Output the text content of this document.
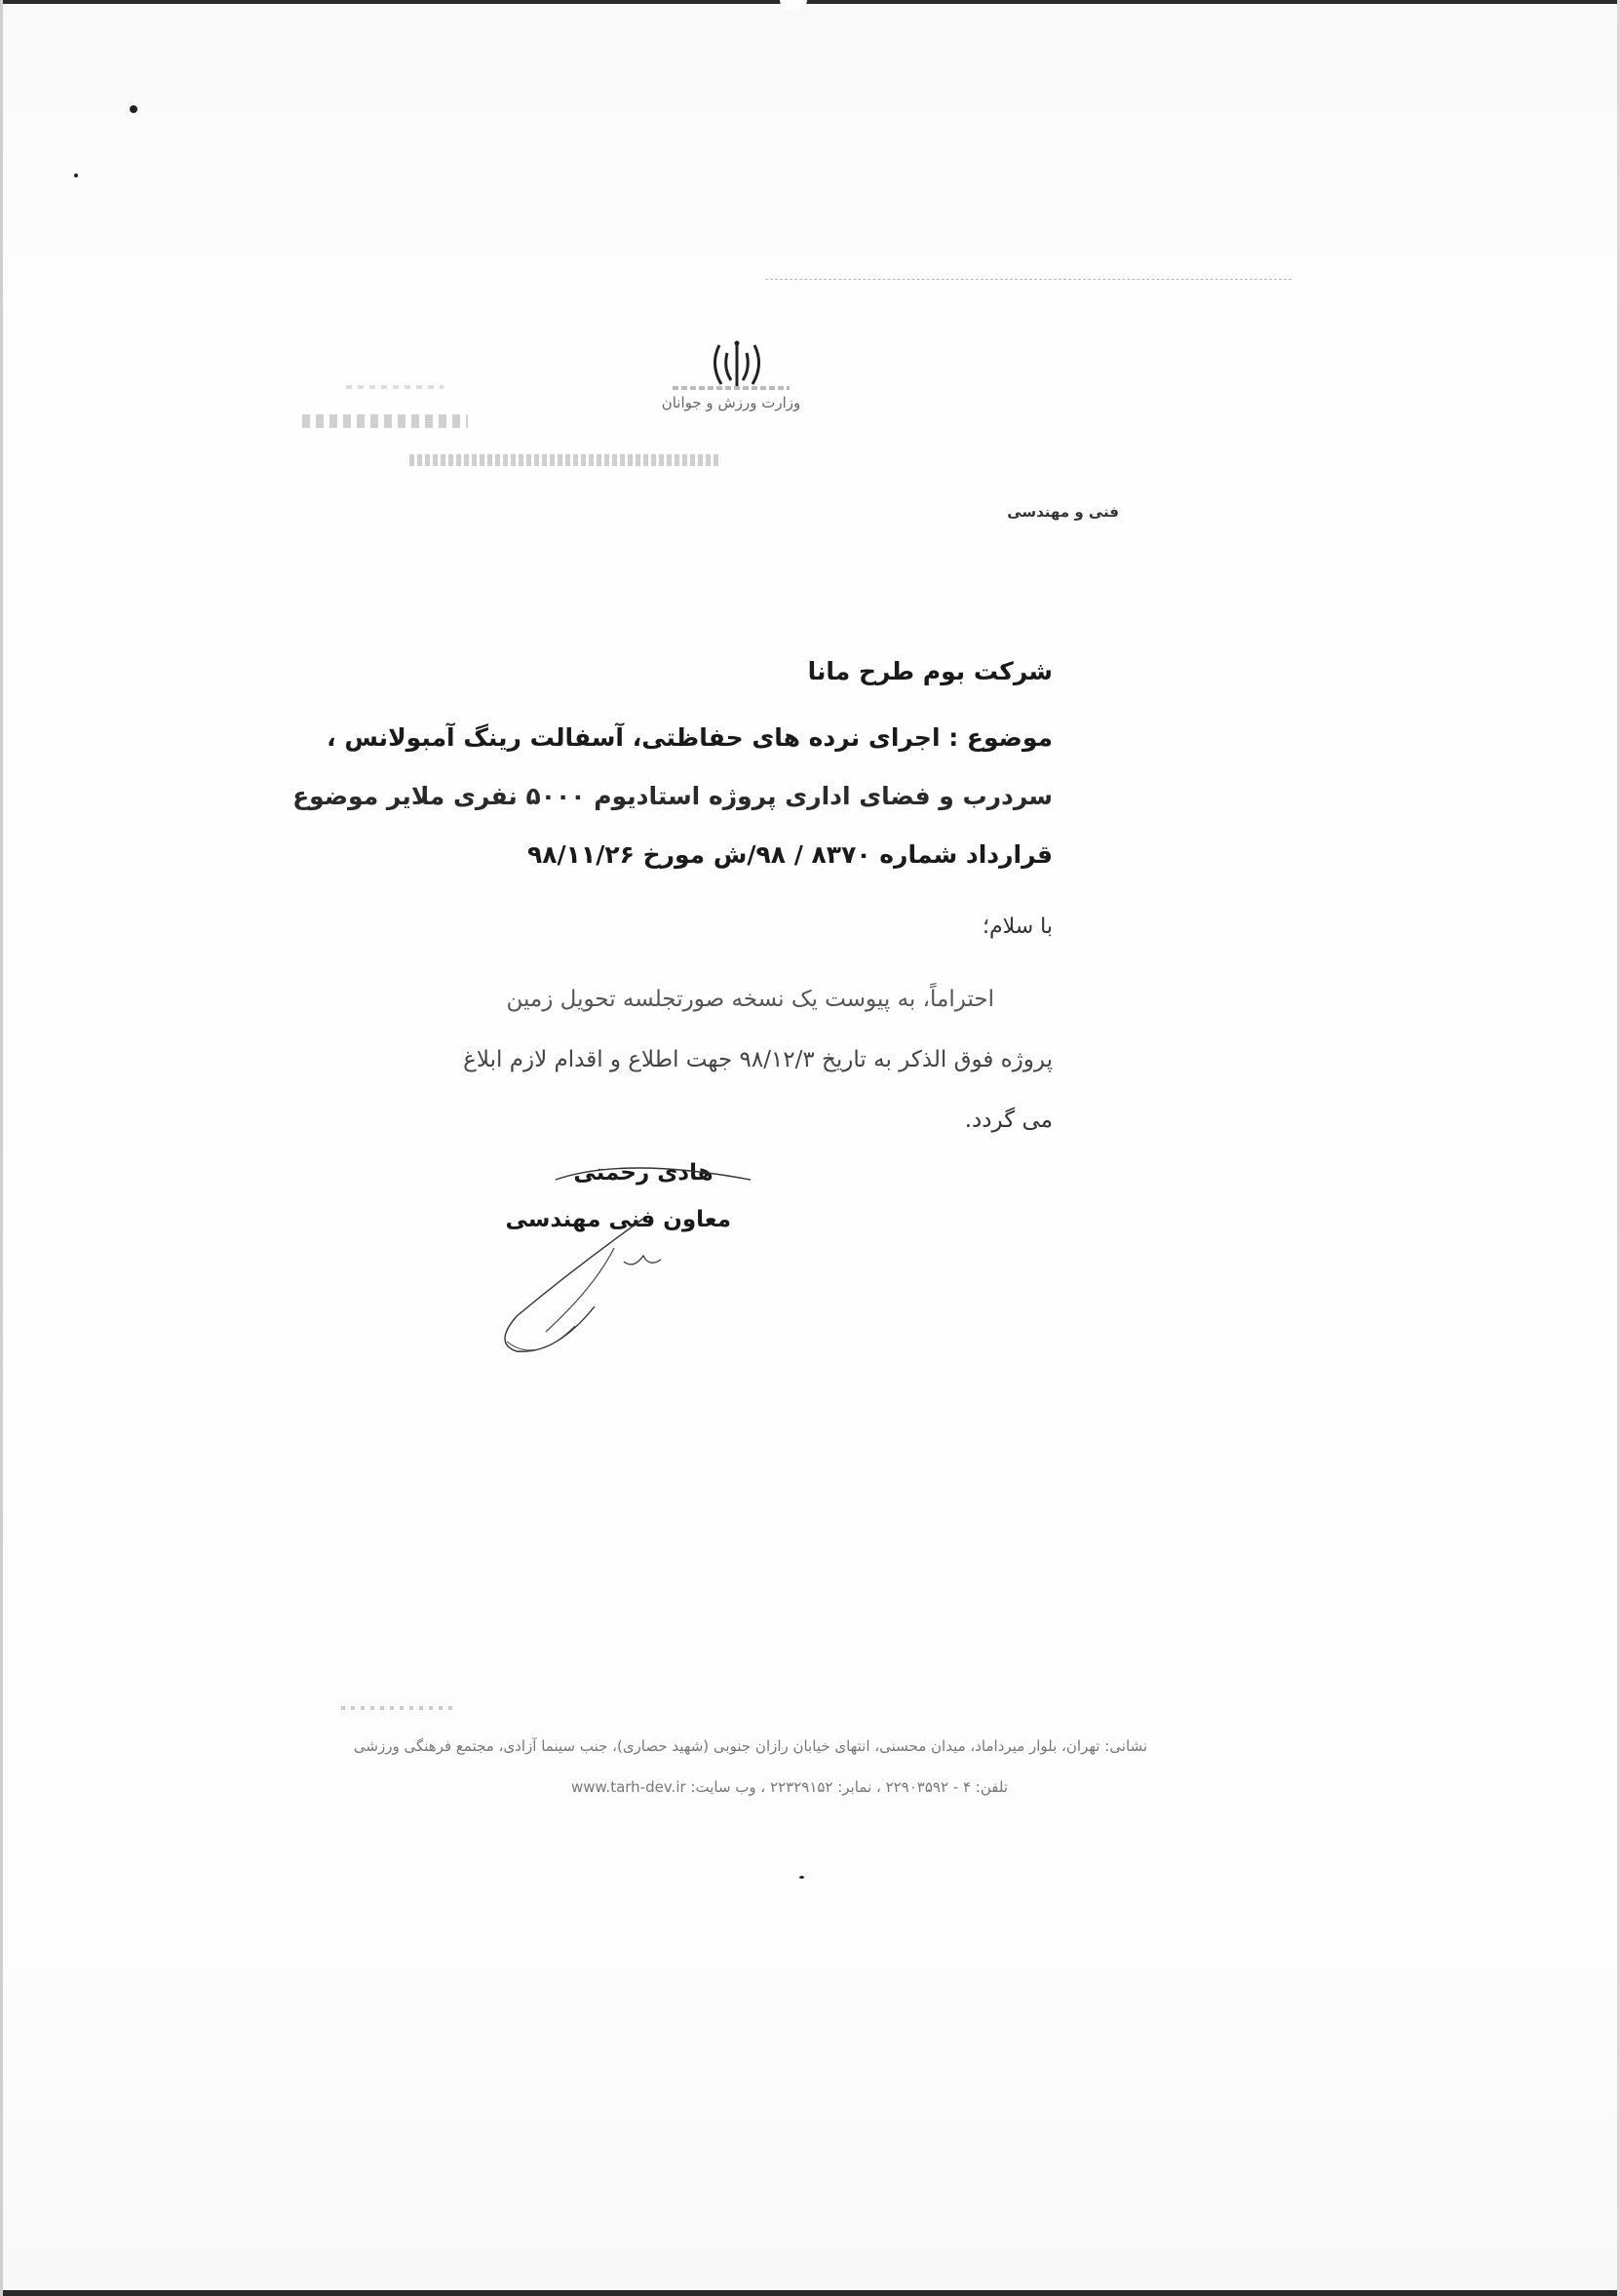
وزارت ورزش و جوانان
فنی و مهندسی
شرکت بوم طرح مانا
موضوع : اجرای نرده های حفاظتی، آسفالت رینگ آمبولانس ،
سردرب و فضای اداری پروژه استادیوم ۵۰۰۰ نفری ملایر موضوع
قرارداد شماره ۸۳۷۰ / ۹۸/ش مورخ ۹۸/۱۱/۲۶
با سلام؛
احتراماً، به پیوست یک نسخه صورتجلسه تحویل زمین
پروژه فوق الذکر به تاریخ ۹۸/۱۲/۳ جهت اطلاع و اقدام لازم ابلاغ
می گردد.
هادی رحمتی
معاون فنی مهندسی
نشانی: تهران، بلوار میرداماد، میدان محسنی، انتهای خیابان رازان جنوبی (شهید حصاری)، جنب سینما آزادی، مجتمع فرهنگی ورزشی
تلفن: ۴ - ۲۲۹۰۳۵۹۲ ، نمابر: ۲۲۳۲۹۱۵۲ ، وب سایت: www.tarh-dev.ir
